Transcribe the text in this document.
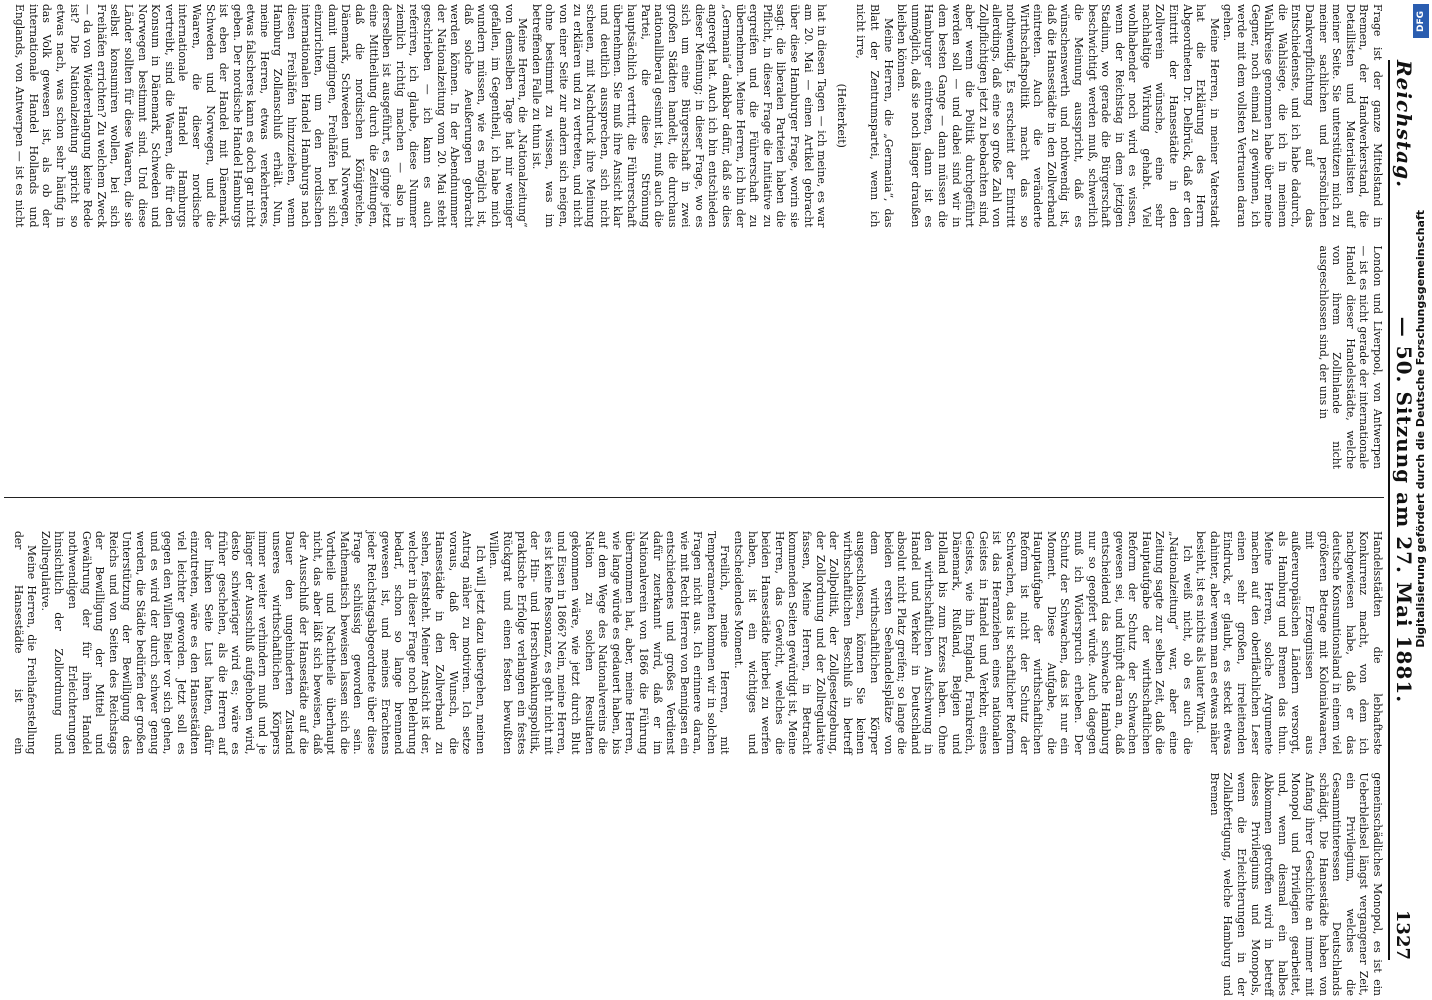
Reichstag.
— 50. Sitzung am 27. Mai 1881.
1327

Frage ist der ganze Mittelstand in Bremen, der Handwerkerstand, die Detaillisten und Materialisten auf meiner Seite. Sie unterstützen mich zu meiner sachlichen und persönlichen Dankverpflichtung auf das Entschiedenste, und ich habe dadurch, die Wahlsiege, die ich in meinem Wahlkreise genommen habe über meine Gegner, noch einmal zu gewinnen, ich werde mit dem vollsten Vertrauen daran gehen.

Meine Herren, in meiner Vaterstadt hat die Erklärung des Herrn Abgeordneten Dr. Delbrück, daß er den Eintritt der Hansestädte in den Zollverein wünsche, eine sehr nachhaltige Wirkung gehabt. Viel wohlhabender noch wird es wissen, wenn der Reichstag in dem jetzigen Stadium, wo gerade die Bürgerschaft beschwichtigt werden muß, schwerlich die Meinung ausspricht, daß es wünschenswerth und nothwendig ist, daß die Hansestädte in den Zollverband eintreten. Auch die veränderte Wirthschaftspolitik macht das so nothwendig. Es erscheint der Eintritt allerdings, daß eine so große Zahl von Zollpflichtigen jetzt zu beobachten sind, aber wenn die Politik durchgeführt werden soll — und dabei sind wir in dem besten Gange — dann müssen die Hamburger eintreten, dann ist es unmöglich, daß sie noch länger draußen bleiben können.

Meine Herren, die „Germania“, das Blatt der Zentrumspartei, wenn ich nicht irre,

(Heiterkeit)

hat in diesen Tagen — ich meine, es war am 20. Mai — einen Artikel gebracht über diese Hamburger Frage, worin sie sagt: die liberalen Parteien haben die Pflicht, in dieser Frage die Initiative zu ergreifen und die Führerschaft zu übernehmen. Meine Herren, ich bin der „Germania“ dankbar dafür, daß sie dies angeregt hat. Auch ich bin entschieden dieser Meinung; in dieser Frage, wo es sich um eine Bürgerschaft in zwei großen Städten handelt, die durchaus nationalliberal gesinnt ist, muß auch die Partei, die diese Strömung hauptsächlich vertritt, die Führerschaft übernehmen. Sie muß ihre Ansicht klar und deutlich aussprechen, sich nicht scheuen, mit Nachdruck ihre Meinung zu erklären und zu vertreten, und nicht von einer Seite zur andern sich neigen, ohne bestimmt zu wissen, was im betreffenden Falle zu thun ist.

Meine Herren, die „Nationalzeitung“ von demselben Tage hat mir weniger gefallen, im Gegentheil, ich habe mich wundern müssen, wie es möglich ist, daß solche Aeußerungen gebracht werden können. In der Abendnummer der Nationalzeitung vom 20. Mai steht geschrieben — ich kann es auch referiren, ich glaube, diese Nummer ziemlich richtig machen — also in derselben ist ausgeführt, es ginge jetzt eine Mittheilung durch die Zeitungen, daß die nordischen Königreiche, Dänemark, Schweden und Norwegen, damit umgingen, Freihäfen bei sich einzurichten, um den nordischen internationalen Handel Hamburgs nach diesen Freihäfen hinzuziehen, wenn Hamburg Zollanschluß erhält. Nun, meine Herren, etwas verkehrteres, etwas falscheres kann es doch gar nicht geben. Der nordische Handel Hamburgs ist eben der Handel mit Dänemark, Schweden und Norwegen, und die Waaren, die dieser nordische internationale Handel Hamburgs vertreibt, sind die Waaren, die für den Konsum in Dänemark, Schweden und Norwegen bestimmt sind. Und diese Länder sollten für diese Waaren, die sie selbst konsumiren wollen, bei sich Freihäfen errichten? Zu welchem Zweck — da von Wiedererlangung keine Rede ist? Die Nationalzeitung spricht so etwas nach, was schon sehr häufig in das Volk gewesen ist, als ob der internationale Handel Hollands und Englands, von Antwerpen — ist es nicht London und Liverpool, von Antwerpen — ist es nicht gerade der internationale Handel dieser Handelsstädte, welche von ihrem Zollinlande nicht ausgeschlossen sind, der uns in

Handelsstädten die lebhafteste Konkurrenz macht, von dem ich nachgewiesen habe, daß er das deutsche Konsumtionsland in einem viel größeren Betrage mit Kolonialwaaren, mit Erzeugnissen aus außereuropäischen Ländern versorgt, als Hamburg und Bremen das thun. Meine Herren, solche Argumente machen auf den oberflächlichen Leser einen sehr großen, irreleitenden Eindruck, er glaubt, es steckt etwas dahinter, aber wenn man es etwas näher besieht, ist es nichts als lauter Wind.

Ich weiß nicht, ob es auch die „Nationalzeitung“ war, aber eine Zeitung sagte zur selben Zeit, daß die Hauptaufgabe der wirthschaftlichen Reform der Schutz der Schwachen gewesen sei, und knüpft daran an, daß entscheidend das schwache Hamburg nur so geopfert würde. Auch dagegen muß ich Widerspruch erheben. Der Schutz der Schwachen, das ist nur ein Moment. Diese Aufgabe, die Hauptaufgabe der wirthschaftlichen Reform ist nicht der Schutz der Schwachen, das ist schaftlicher Reform ist das Heranziehen eines nationalen Geistes in Handel und Verkehr, eines Geistes, wie ihn England, Frankreich, Dänemark, Rußland, Belgien und Holland bis zum Exzess haben. Ohne den wirthschaftlichen Aufschwung in Handel und Verkehr in Deutschland absolut nicht Platz greifen; so lange die beiden ersten Seehandelsplätze von dem wirthschaftlichen Körper ausgeschlossen, können Sie keinen wirthschaftlichen Beschluß in betreff der Zollpolitik, der Zollgesetzgebung, der Zollordnung und der Zollregulative fassen, Meine Herren, in Betracht kommenden Seiten gewürdigt ist, Meine Herren, das Gewicht, welches die beiden Hansestädte hierbei zu werfen haben, ist ein wichtiges und entscheidendes Moment.

Freilich, meine Herren, mit Temperamenten kommen wir in solchen Fragen nicht aus. Ich erinnere daran, wie mit Recht Herren von Bennigsen ein entschiedenes und großes Verdienst dafür zuerkannt wird, daß er im Nationalverein von 1866 die Führung übernommen hat, aber, meine Herren, wie lange würde es gedauert haben, bis auf dem Wege des Nationalvereins die Nation zu solchen Resultaten gekommen wäre, wie jetzt durch Blut und Eisen in 1866? Nein, meine Herren, es ist keine Ressonanz, es geht nicht mit der Hin- und Herschwankungspolitik, praktische Erfolge verlangen ein festes Rückgrat und einen festen bewußten Willen.

Ich will jetzt dazu übergehen, meinen Antrag näher zu motiviren. Ich setze voraus, daß der Wunsch, die Hansestädte in den Zollverband zu sehen, feststeht. Meiner Ansicht ist der, welcher in dieser Frage noch Belehrung bedarf, schon so lange brennend gewesen ist, und meines Erachtens jeder Reichstagsabgeordnete über diese Frage schlüssig geworden sein. Mathematisch beweisen lassen sich die Vortheile und Nachtheile überhaupt nicht, das aber läßt sich beweisen, daß der Ausschluß der Hansestädte auf die Dauer den ungehinderten Zustand unseres wirthschaftlichen Körpers immer weiter verhindern muß und je länger der Ausschluß aufgehoben wird, desto schwieriger wird es; wäre es früher geschehen, als die Herren auf der linken Seite Lust hatten, dafür einzutreten, wäre es den Hansestädten viel leichter geworden. Jetzt soll es gegen den Willen Bieler vor sich gehen, und es wird der durch schwer genug werden, die Städte bedürfen der großen Unterstützung der Bewilligung des Reichs und von Seiten des Reichstags der Bewilligung der Mittel und Gewährung der für ihren Handel nothwendigen Erleichterungen hinsichtlich der Zollordnung und Zollregulative.

Meine Herren, die Freihafenstellung der Hansestädte ist ein gemeinschädliches Monopol, es ist ein Ueberbleibsel längst vergangener Zeit, ein Privilegium, welches die Gesammtinteressen Deutschlands schädigt. Die Hansestädte haben von Anfang ihrer Geschichte an immer mit Monopol und Privilegien gearbeitet, und, wenn diesmal ein halbes Abkommen getroffen wird in betreff dieses Privilegiums und Monopols, wenn die Erleichterungen in der Zollabfertigung, welche Hamburg und Bremen

Digitalisierung gefördert durch die Deutsche Forschungsgemeinschaft
DFG
